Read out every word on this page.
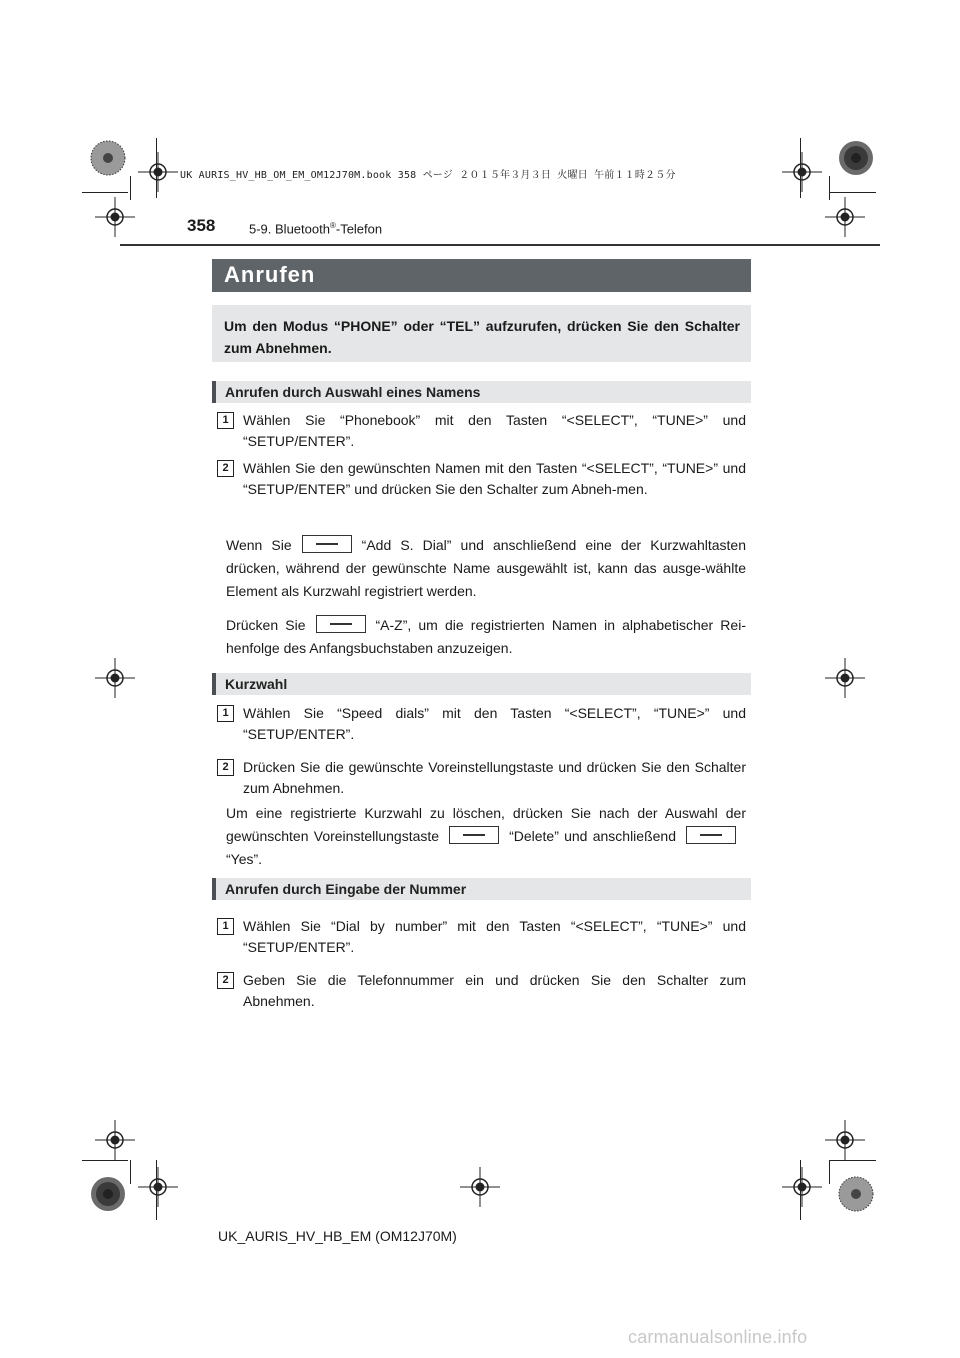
UK AURIS_HV_HB_OM_EM_OM12J70M.book 358 ページ ２０１５年３月３日 火曜日 午前１１時２５分
358	5-9. Bluetooth®-Telefon
Anrufen
Um den Modus “PHONE” oder “TEL” aufzurufen, drücken Sie den Schalter zum Abnehmen.
Anrufen durch Auswahl eines Namens
1	Wählen Sie “Phonebook” mit den Tasten “<SELECT”, “TUNE>” und “SETUP/ENTER”.
2	Wählen Sie den gewünschten Namen mit den Tasten “<SELECT”, “TUNE>” und “SETUP/ENTER” und drücken Sie den Schalter zum Abneh-men.
Wenn Sie	“Add S. Dial” und anschließend eine der Kurzwahltasten drücken, während der gewünschte Name ausgewählt ist, kann das ausge-wählte Element als Kurzwahl registriert werden.
Drücken Sie	“A-Z”, um die registrierten Namen in alphabetischer Rei-henfolge des Anfangsbuchstaben anzuzeigen.
Kurzwahl
1	Wählen Sie “Speed dials” mit den Tasten “<SELECT”, “TUNE>” und “SETUP/ENTER”.
2	Drücken Sie die gewünschte Voreinstellungstaste und drücken Sie den Schalter zum Abnehmen.
Um eine registrierte Kurzwahl zu löschen, drücken Sie nach der Auswahl der gewünschten Voreinstellungstaste	“Delete” und anschließend“Yes”.
Anrufen durch Eingabe der Nummer
1	Wählen Sie “Dial by number” mit den Tasten “<SELECT”, “TUNE>” und “SETUP/ENTER”.
2	Geben Sie die Telefonnummer ein und drücken Sie den Schalter zum Abnehmen.
UK_AURIS_HV_HB_EM (OM12J70M)
carmanualsonline.info
